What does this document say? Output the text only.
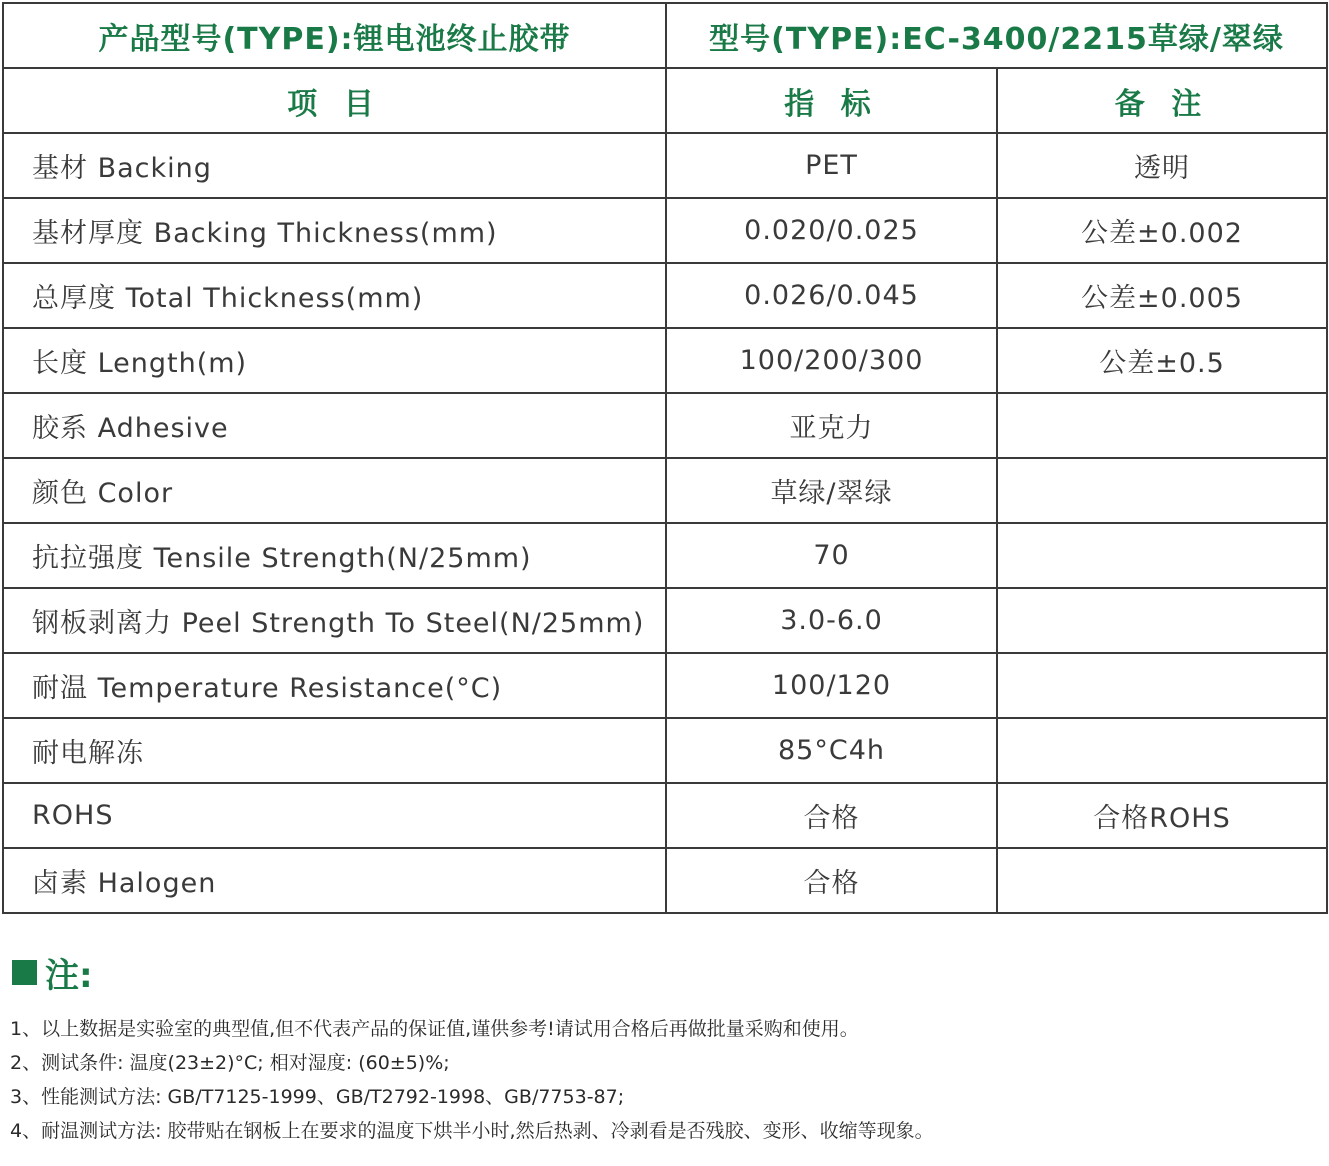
产品型号(TYPE):锂电池终止胶带	型号(TYPE):EC-3400/2215草绿/翠绿	
项 目	指 标	备 注
基材 Backing	PET	透明
基材厚度 Backing Thickness(mm)	0.020/0.025	公差±0.002
总厚度 Total Thickness(mm)	0.026/0.045	公差±0.005
长度 Length(m)	100/200/300	公差±0.5
胶系 Adhesive	亚克力	
颜色 Color	草绿/翠绿	
抗拉强度 Tensile Strength(N/25mm)	70	
钢板剥离力 Peel Strength To Steel(N/25mm)	3.0-6.0	
耐温 Temperature Resistance(°C)	100/120	
耐电解冻	85°C4h	
ROHS	合格	合格ROHS
卤素 Halogen	合格	
注:
1、以上数据是实验室的典型值,但不代表产品的保证值,谨供参考!请试用合格后再做批量采购和使用。
2、测试条件: 温度(23±2)°C; 相对湿度: (60±5)%;
3、性能测试方法: GB/T7125-1999、GB/T2792-1998、GB/7753-87;
4、耐温测试方法: 胶带贴在钢板上在要求的温度下烘半小时,然后热剥、冷剥看是否残胶、变形、收缩等现象。
